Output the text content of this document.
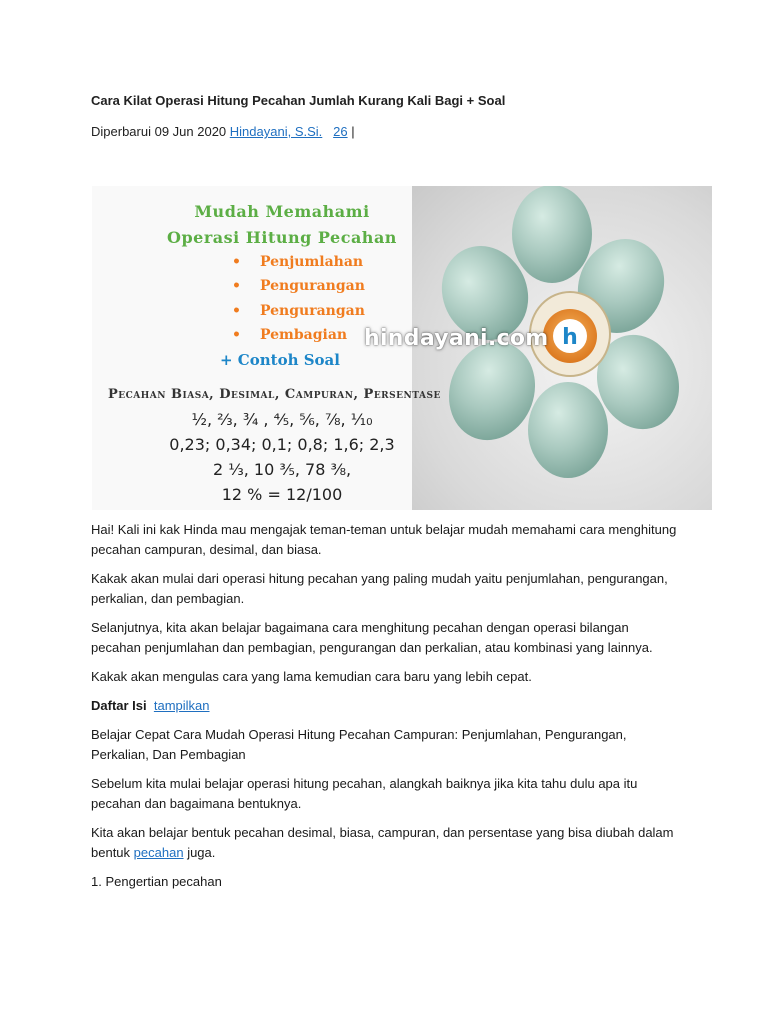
Cara Kilat Operasi Hitung Pecahan Jumlah Kurang Kali Bagi + Soal
Diperbarui 09 Jun 2020 Hindayani, S.Si. 26 |
h
Mudah Memahami
Operasi Hitung Pecahan
• Penjumlahan
• Pengurangan
• Pengurangan
• Pembagian
+ Contoh Soal
hindayani.com
Pecahan Biasa, Desimal, Campuran, Persentase
½, ⅔, ¾ , ⅘, ⅚, ⅞, ⅒
0,23; 0,34; 0,1; 0,8; 1,6; 2,3
2 ⅓, 10 ⅗, 78 ⅜,
12 % = 12/100

Hai! Kali ini kak Hinda mau mengajak teman-teman untuk belajar mudah memahami cara menghitung pecahan campuran, desimal, dan biasa.

Kakak akan mulai dari operasi hitung pecahan yang paling mudah yaitu penjumlahan, pengurangan, perkalian, dan pembagian.

Selanjutnya, kita akan belajar bagaimana cara menghitung pecahan dengan operasi bilangan pecahan penjumlahan dan pembagian, pengurangan dan perkalian, atau kombinasi yang lainnya.

Kakak akan mengulas cara yang lama kemudian cara baru yang lebih cepat.

Daftar Isi tampilkan

Belajar Cepat Cara Mudah Operasi Hitung Pecahan Campuran: Penjumlahan, Pengurangan, Perkalian, Dan Pembagian

Sebelum kita mulai belajar operasi hitung pecahan, alangkah baiknya jika kita tahu dulu apa itu pecahan dan bagaimana bentuknya.

Kita akan belajar bentuk pecahan desimal, biasa, campuran, dan persentase yang bisa diubah dalam bentuk pecahan juga.

1. Pengertian pecahan
